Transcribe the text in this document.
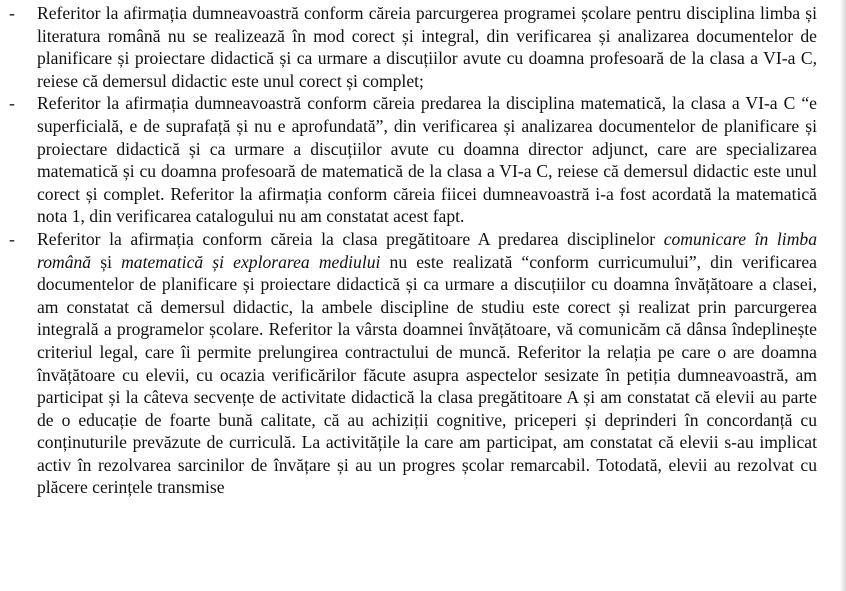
- Referitor la afirmația dumneavoastră conform căreia parcurgerea programei școlare pentru disciplina limba și literatura română nu se realizează în mod corect și integral, din verificarea și analizarea documentelor de planificare și proiectare didactică și ca urmare a discuțiilor avute cu doamna profesoară de la clasa a VI-a C, reiese că demersul didactic este unul corect și complet;

- Referitor la afirmația dumneavoastră conform căreia predarea la disciplina matematică, la clasa a VI-a C “e superficială, e de suprafață și nu e aprofundată”, din verificarea și analizarea documentelor de planificare și proiectare didactică și ca urmare a discuțiilor avute cu doamna director adjunct, care are specializarea matematică și cu doamna profesoară de matematică de la clasa a VI-a C, reiese că demersul didactic este unul corect și complet. Referitor la afirmația conform căreia fiicei dumneavoastră i-a fost acordată la matematică nota 1, din verificarea catalogului nu am constatat acest fapt.

- Referitor la afirmația conform căreia la clasa pregătitoare A predarea disciplinelor comunicare în limba română și matematică și explorarea mediului nu este realizată “conform curricumului”, din verificarea documentelor de planificare și proiectare didactică și ca urmare a discuțiilor cu doamna învățătoare a clasei, am constatat că demersul didactic, la ambele discipline de studiu este corect și realizat prin parcurgerea integrală a programelor școlare. Referitor la vârsta doamnei învățătoare, vă comunicăm că dânsa îndeplinește criteriul legal, care îi permite prelungirea contractului de muncă. Referitor la relația pe care o are doamna învățătoare cu elevii, cu ocazia verificărilor făcute asupra aspectelor sesizate în petiția dumneavoastră, am participat și la câteva secvențe de activitate didactică la clasa pregătitoare A și am constatat că elevii au parte de o educație de foarte bună calitate, că au achiziții cognitive, priceperi și deprinderi în concordanță cu conținuturile prevăzute de curriculă. La activitățile la care am participat, am constatat că elevii s-au implicat activ în rezolvarea sarcinilor de învățare și au un progres școlar remarcabil. Totodată, elevii au rezolvat cu plăcere cerințele transmise
